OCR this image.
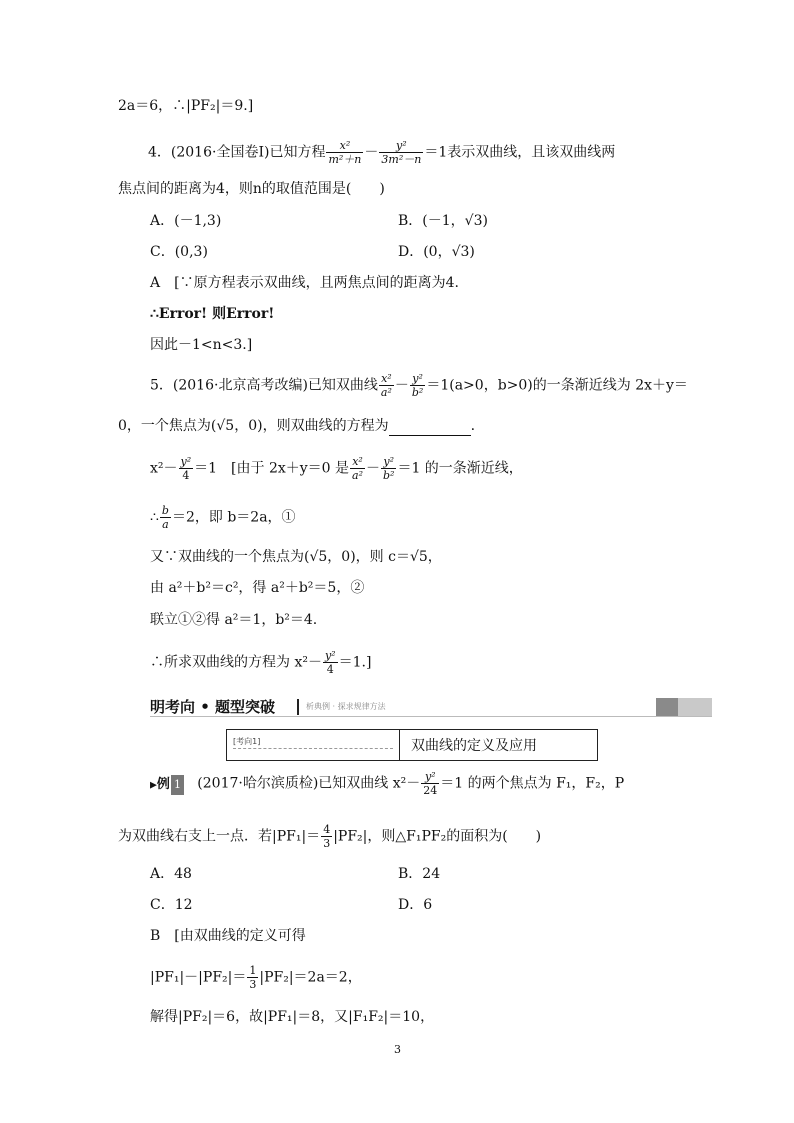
2a＝6，∴|PF₂|＝9.]
4．(2016·全国卷Ⅰ)已知方程 $\frac{\text{x²}}{\text{m²＋n}} - \frac{\text{y²}}{\text{3m²－n}} =1$表示双曲线，且该双曲线两
焦点间的距离为4，则n的取值范围是(　　)
A．(－1,3)	B．(－1，√3)
C．(0,3)	D．(0，√3)
A　[∵原方程表示双曲线，且两焦点间的距离为4.
∴Error! 则Error!
因此－1<n<3.]
5．(2016·北京高考改编)已知双曲线 $\frac{\text{x²}}{\text{a²}} - \frac{\text{y²}}{\text{b²}} =1(a>0$，b>0)的一条渐近线为 2x＋y＝
0，一个焦点为(√5，0)，则双曲线的方程为	.
$x^2- \frac{\text{y²}}{4} =1$　[由于 2x＋y＝0 是 $\frac{\text{x²}}{\text{a²}} - \frac{\text{y²}}{\text{b²}} =1$ 的一条渐近线，
∴ $\frac{b}{a} =2$，即 b＝2a，①
又∵双曲线的一个焦点为(√5，0)，则 c＝√5，
由 a²＋b²＝c²，得 a²＋b²＝5，②
联立①②得 a²＝1，b²＝4.
∴所求双曲线的方程为 $x^2- \frac{\text{y²}}{4} =1$.]
明考向 • 题型突破	析典例 · 探求规律方法
[考向1]	双曲线的定义及应用
▶例 1 (2017·哈尔滨质检)已知双曲线 $x^2- \frac{\text{y²}}{24} =1$ 的两个焦点为 F₁，F₂，P
为双曲线右支上一点．若$|PF_1|= \frac{4}{3} |PF_2|$，则△F₁PF₂的面积为(　　)
A．48	B．24
C．12	D．6
B　[由双曲线的定义可得
$|PF_1|-|PF_2|= \frac{1}{3} |PF_2|=2a=2$，
解得|PF₂|＝6，故|PF₁|＝8，又|F₁F₂|＝10，
3
